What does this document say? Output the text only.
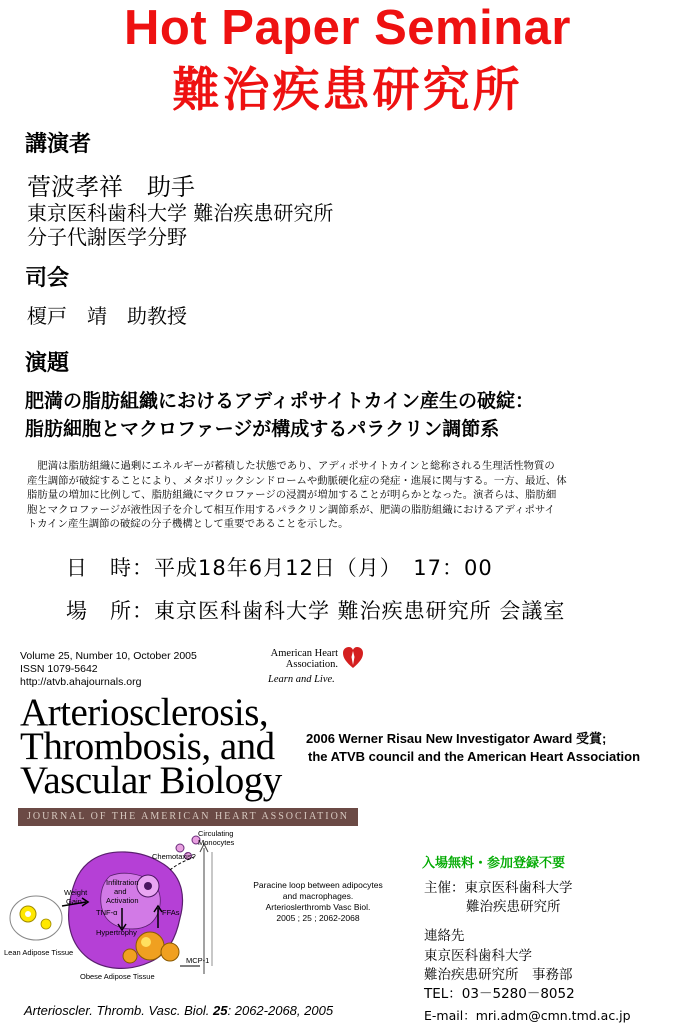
Hot Paper Seminar
難治疾患研究所
講演者
菅波孝祥　助手
東京医科歯科大学 難治疾患研究所
分子代謝医学分野
司会
榎戸　靖　助教授
演題
肥満の脂肪組織におけるアディポサイトカイン産生の破綻：
脂肪細胞とマクロファージが構成するパラクリン調節系
　肥満は脂肪組織に過剰にエネルギーが蓄積した状態であり、アディポサイトカインと総称される生理活性物質の
産生調節が破綻することにより、メタボリックシンドロームや動脈硬化症の発症・進展に関与する。一方、最近、体
脂肪量の増加に比例して、脂肪組織にマクロファージの浸潤が増加することが明らかとなった。演者らは、脂肪細
胞とマクロファージが液性因子を介して相互作用するパラクリン調節系が、肥満の脂肪組織におけるアディポサイ
トカイン産生調節の破綻の分子機構として重要であることを示した。
日　時：平成18年6月12日（月）　17：00
場　所：東京医科歯科大学 難治疾患研究所 会議室
Volume 25, Number 10, October 2005
ISSN 1079-5642
http://atvb.ahajournals.org
American Heart
Association.
Learn and Live.
Arteriosclerosis,
Thrombosis, and
Vascular Biology
JOURNAL OF THE AMERICAN HEART ASSOCIATION
2006 Werner Risau New Investigator Award 受賞;
the ATVB council and the American Heart Association
Circulating
Monocytes
Chemotaxis?
Infiltration
and
Activation
TNF-α	FFAs
Hypertrophy
Weight
Gain
MCP-1
Lean Adipose Tissue
Obese Adipose Tissue
Paracine loop between adipocytes
and macrophages.
Arterioslerthromb Vasc Biol.
2005 ; 25 ; 2062-2068
Arterioscler. Thromb. Vasc. Biol. 25: 2062-2068, 2005
入場無料・参加登録不要
主催：東京医科歯科大学
難治疾患研究所
連絡先
東京医科歯科大学
難治疾患研究所　事務部
TEL：03－5280－8052
E-mail：mri.adm@cmn.tmd.ac.jp
